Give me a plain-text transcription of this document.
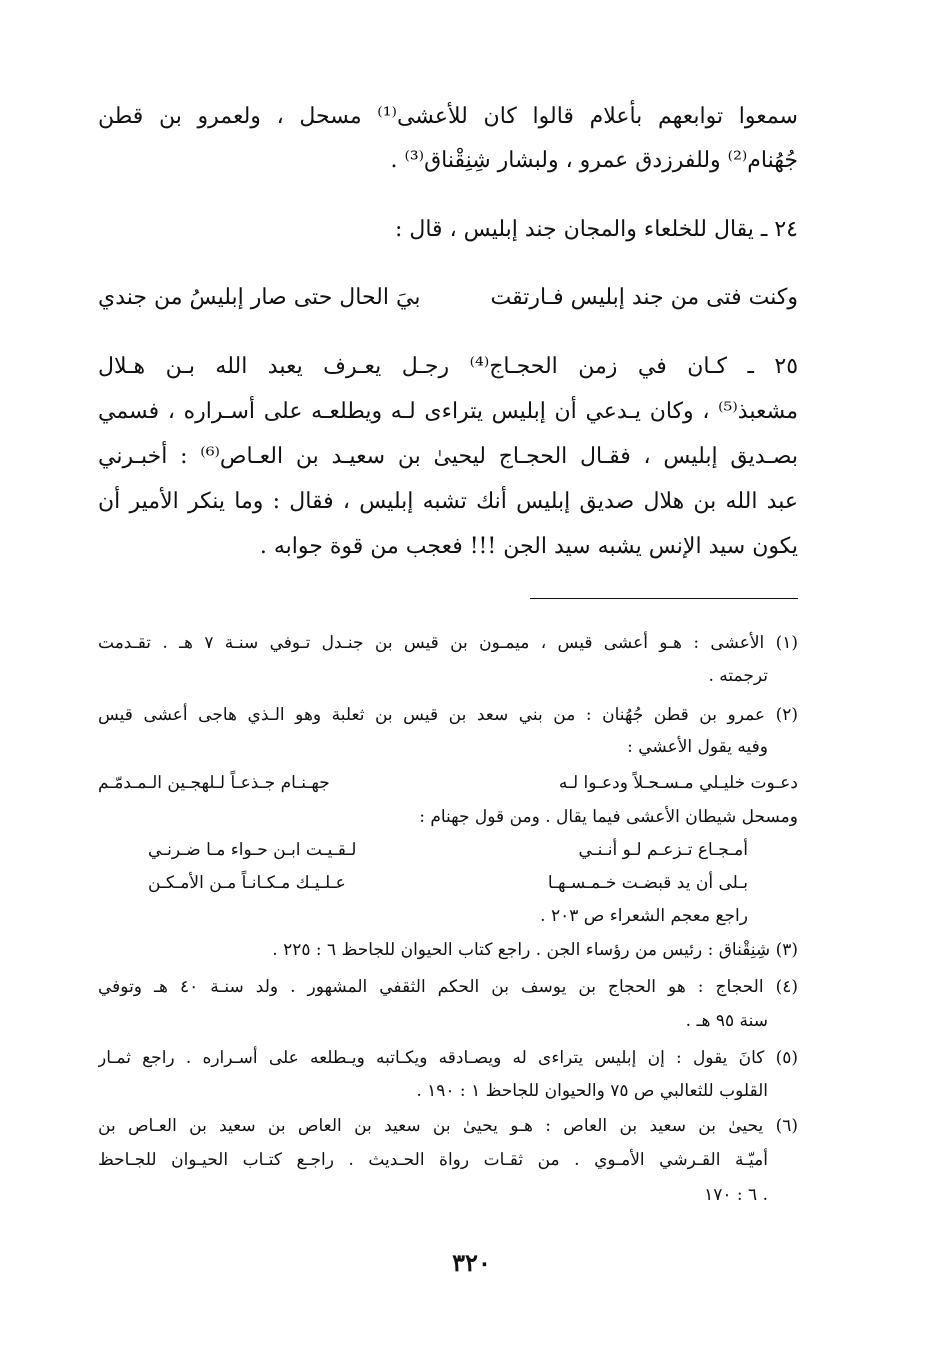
سمعوا توابعهم بأعلام قالوا كان للأعشى⁽¹⁾ مسحل ، ولعمرو بن قطن
جُهُنام⁽²⁾ وللفرزدق عمرو ، ولبشار شِنِقْناق⁽³⁾ .
٢٤ ـ يقال للخلعاء والمجان جند إبليس ، قال :
وكنت فتى من جند إبليس فـارتقت
بيَ الحال حتى صار إبليسُ من جندي
٢٥ ـ كـان في زمن الحجـاج⁽⁴⁾ رجـل يعـرف يعبد الله بـن هـلال
مشعبذ⁽⁵⁾ ، وكان يـدعي أن إبليس يتراءى لـه ويطلعـه على أسـراره ، فسمي
بصـديق إبليس ، فقـال الحجـاج ليحيىٰ بن سعيـد بن العـاص⁽⁶⁾ : أخبـرني
عبد الله بن هلال صديق إبليس أنك تشبه إبليس ، فقال : وما ينكر الأمير أن
يكون سيد الإنس يشبه سيد الجن !!! فعجب من قوة جوابه .
(١) الأعشى : هـو أعشى قيس ، ميمـون بن قيس بن جنـدل تـوفي سنـة ٧ هـ . تقـدمت
ترجمته .
(٢) عمرو بن قطن جُهُنان : من بني سعد بن قيس بن ثعلبة وهو الـذي هاجى أعشى قيس
وفيه يقول الأعشي :
دعـوت خليـلي مـسـحـلاً ودعـوا لـه
جهـنـام جـذعـاً لـلهجـين الـمـدمّـم
ومسحل شيطان الأعشى فيما يقال . ومن قول جهنام :
أمـجـاع تـزعـم لـو أنـنـي
لـقـيـت ابـن حـواء مـا ضـرنـي
بـلى أن يد قبضـت خـمـسـهـا
عـلـيـك مـكـانـاً مـن الأمـكـن
راجع معجم الشعراء ص ٢٠٣ .
(٣) شِنِقْناق : رئيس من رؤساء الجن . راجع كتاب الحيوان للجاحظ ٦ : ٢٢٥ .
(٤) الحجاج : هو الحجاج بن يوسف بن الحكم الثقفي المشهور . ولد سنـة ٤٠ هـ وتوفي
سنة ٩٥ هـ .
(٥) كانَ يقول : إن إبليس يتراءى له ويصـادقه ويكـاتبه ويـطلعه على أسـراره . راجع ثمـار
القلوب للثعالبي ص ٧٥ والحيوان للجاحظ ١ : ١٩٠ .
(٦) يحيىٰ بن سعيد بن العاص : هـو يحيىٰ بن سعيد بن العاص بن سعيد بن العـاص بن
أميّـة القـرشي الأمـوي . من ثقـات رواة الحـديث . راجـع كتـاب الحيـوان للجـاحظ
٦ : ١٧٠ .
٣٢٠
